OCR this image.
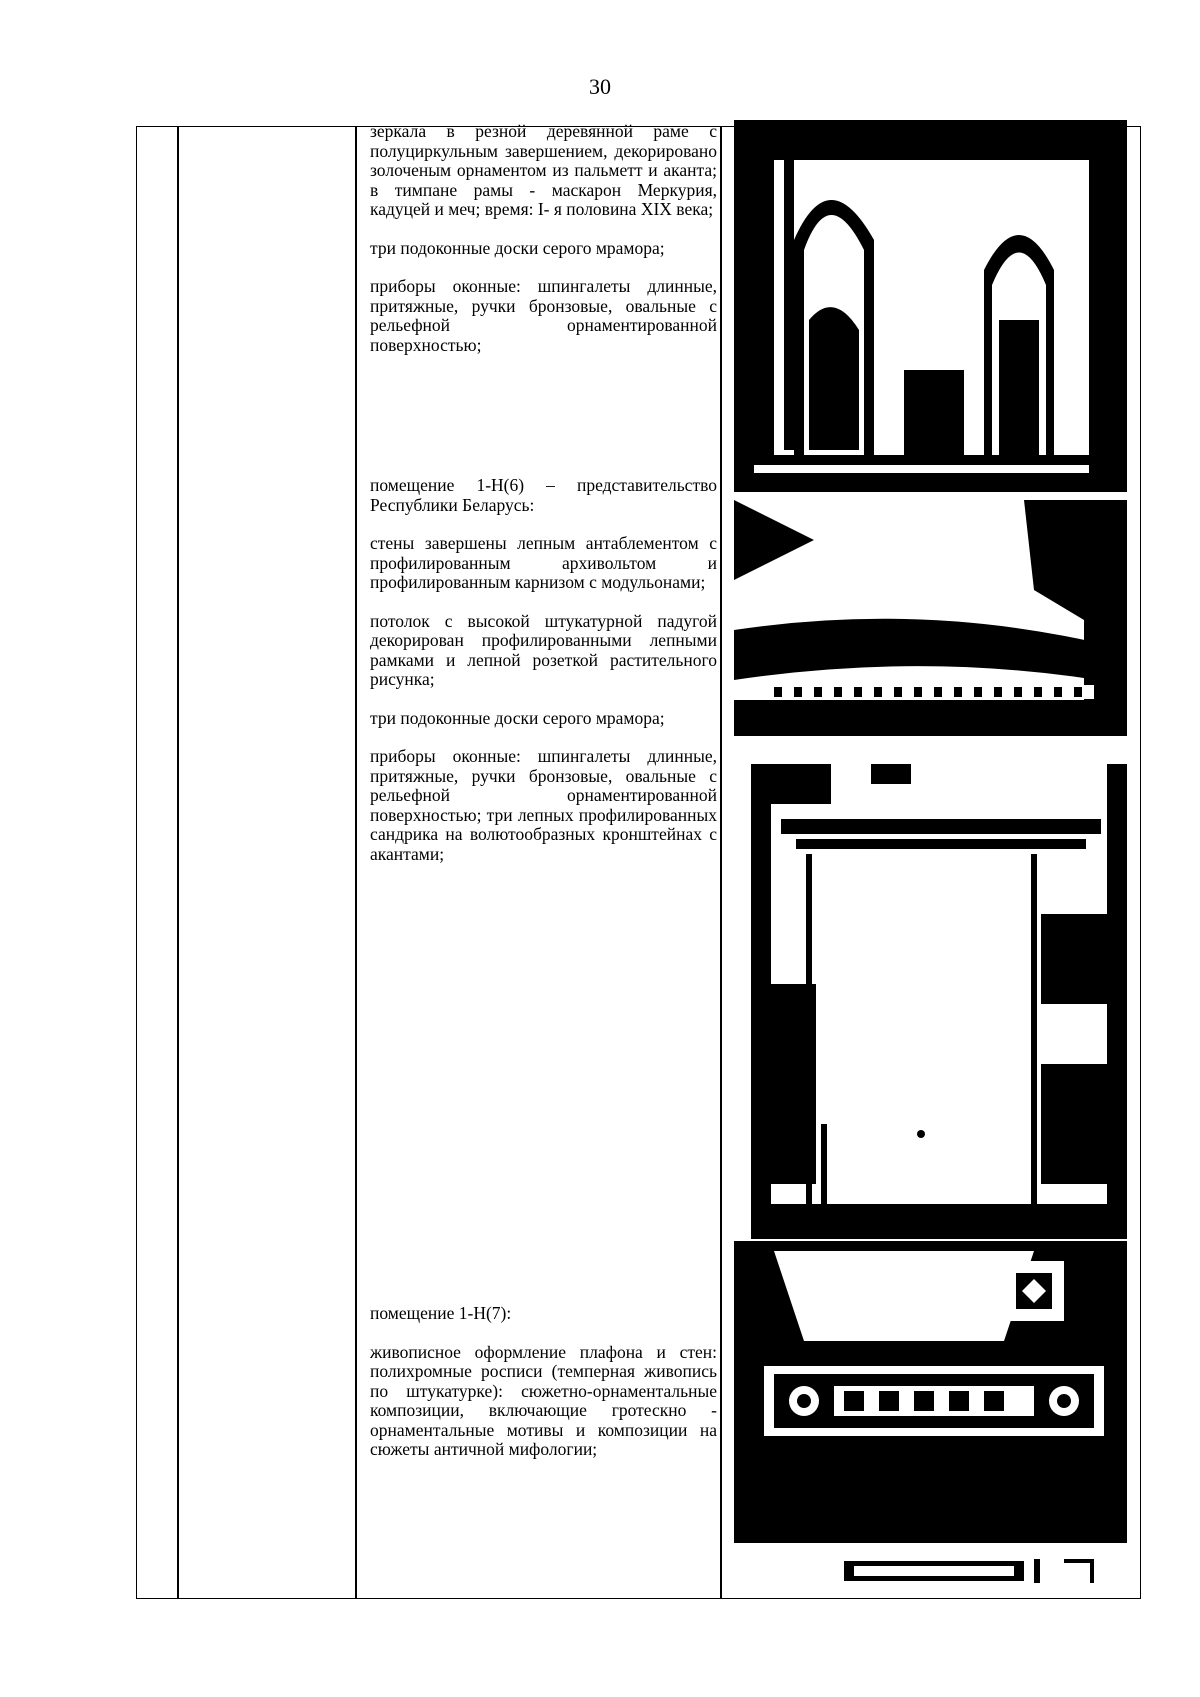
30

зеркала в резной деревянной раме с полуциркульным завершением, декорировано золоченым орнаментом из пальметт и аканта; в тимпане рамы - маскарон Меркурия, кадуцей и меч; время: I- я половина XIX века;

три подоконные доски серого мрамора;

приборы оконные: шпингалеты длинные, притяжные, ручки бронзовые, овальные с рельефной орнаментированной поверхностью;

помещение 1-Н(6) – представительство Республики Беларусь:

стены завершены лепным антаблементом с профилированным архивольтом и профилированным карнизом с модульонами;

потолок с высокой штукатурной падугой декорирован профилированными лепными рамками и лепной розеткой растительного рисунка;

три подоконные доски серого мрамора;

приборы оконные: шпингалеты длинные, притяжные, ручки бронзовые, овальные с рельефной орнаментированной поверхностью; три лепных профилированных сандрика на волютообразных кронштейнах с акантами;

помещение 1-Н(7):

живописное оформление плафона и стен: полихромные росписи (темперная живопись по штукатурке): сюжетно-орнаментальные композиции, включающие гротескно - орнаментальные мотивы и композиции на сюжеты античной мифологии;
